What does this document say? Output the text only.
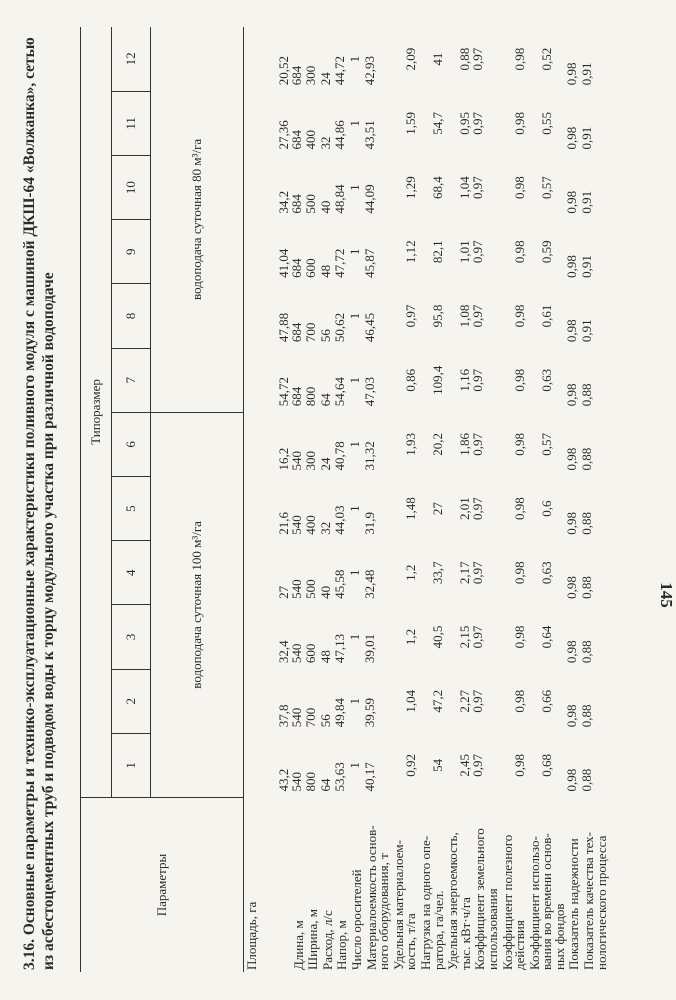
3.16. Основные параметры и технико-эксплуатационные характеристики поливного модуля с машиной ДКШ-64 «Волжанка», сетью из асбестоцементных труб и подводом воды к торцу модульного участка при различной водоподаче	Параметры	Типоразмер											
	1	2	3	4	5	6	7	8	9	10	11	12
	водоподача суточная 100 м³/га						водоподача суточная 80 м³/га					
Площадь, га	43,2	37,8	32,4	27	21,6	16,2	54,72	47,88	41,04	34,2	27,36	20,52
Длина, м	540	540	540	540	540	540	684	684	684	684	684	684
Ширина, м	800	700	600	500	400	300	800	700	600	500	400	300
Расход, л/с	64	56	48	40	32	24	64	56	48	40	32	24
Напор, м	53,63	49,84	47,13	45,58	44,03	40,78	54,64	50,62	47,72	48,84	44,86	44,72
Число оросителей	1	1	1	1	1	1	1	1	1	1	1	1
Материалоемкость основ-
ного оборудования, т	40,17	39,59	39,01	32,48	31,9	31,32	47,03	46,45	45,87	44,09	43,51	42,93
Удельная материалоем-
кость, т/га	0,92	1,04	1,2	1,2	1,48	1,93	0,86	0,97	1,12	1,29	1,59	2,09
Нагрузка на одного опе-
ратора, га/чел.	54	47,2	40,5	33,7	27	20,2	109,4	95,8	82,1	68,4	54,7	41
Удельная энергоемкость,
тыс. кВт·ч/га	2,45	2,27	2,15	2,17	2,01	1,86	1,16	1,08	1,01	1,04	0,95	0,88
Коэффициент земельного
использования	0,97	0,97	0,97	0,97	0,97	0,97	0,97	0,97	0,97	0,97	0,97	0,97
Коэффициент полезного
действия	0,98	0,98	0,98	0,98	0,98	0,98	0,98	0,98	0,98	0,98	0,98	0,98
Коэффициент использо-
вания во времени основ-
ных фондов	0,68	0,66	0,64	0,63	0,6	0,57	0,63	0,61	0,59	0,57	0,55	0,52
Показатель надежности	0,98	0,98	0,98	0,98	0,98	0,98	0,98	0,98	0,98	0,98	0,98	0,98
Показатель качества тех-
нологического процесса	0,88	0,88	0,88	0,88	0,88	0,88	0,88	0,91	0,91	0,91	0,91	0,91
145
